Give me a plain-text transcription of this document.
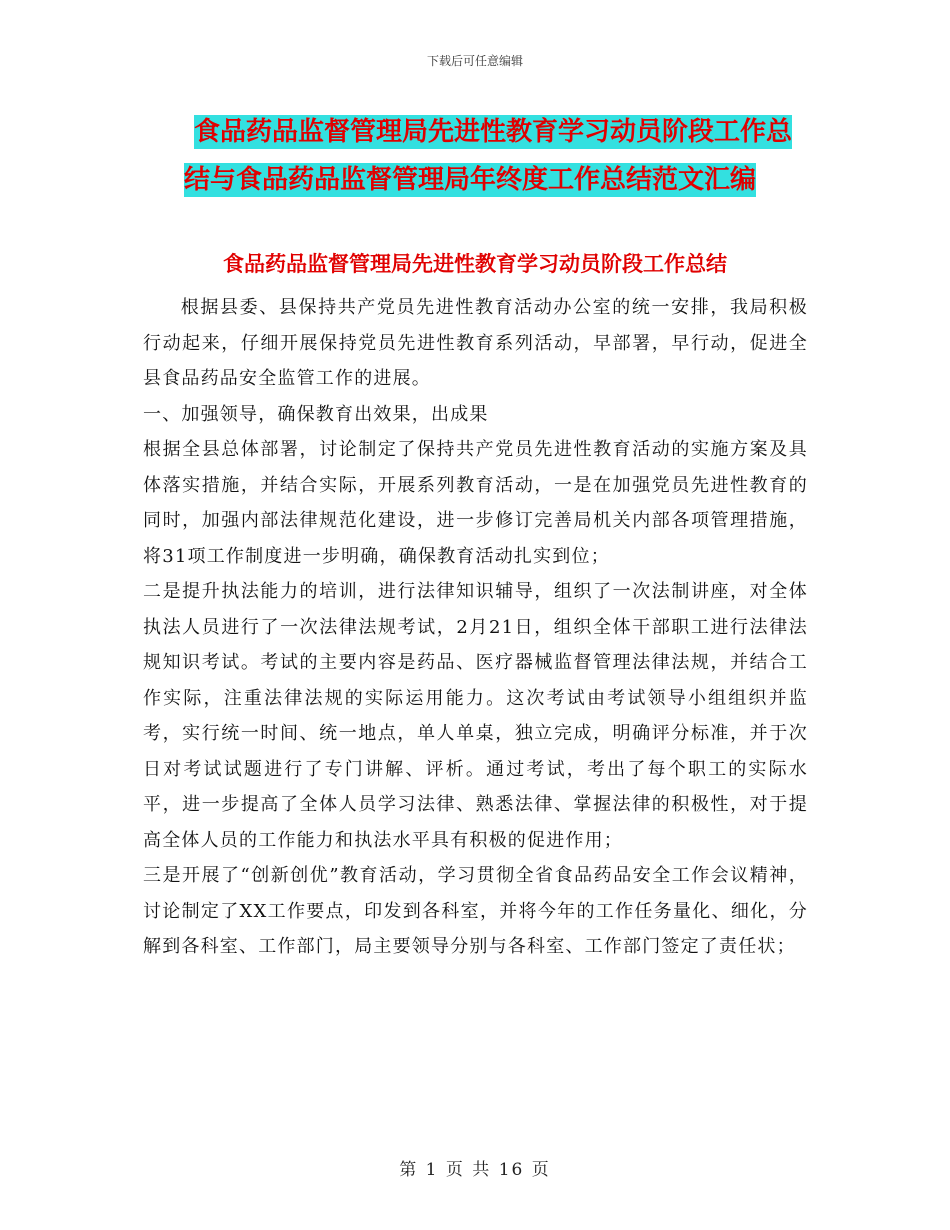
下载后可任意编辑
食品药品监督管理局先进性教育学习动员阶段工作总
结与食品药品监督管理局年终度工作总结范文汇编
食品药品监督管理局先进性教育学习动员阶段工作总结

根据县委、县保持共产党员先进性教育活动办公室的统一安排，我局积极行动起来，仔细开展保持党员先进性教育系列活动，早部署，早行动，促进全县食品药品安全监管工作的进展。

一、加强领导，确保教育出效果，出成果

根据全县总体部署，讨论制定了保持共产党员先进性教育活动的实施方案及具体落实措施，并结合实际，开展系列教育活动，一是在加强党员先进性教育的同时，加强内部法律规范化建设，进一步修订完善局机关内部各项管理措施，将31项工作制度进一步明确，确保教育活动扎实到位；

二是提升执法能力的培训，进行法律知识辅导，组织了一次法制讲座，对全体执法人员进行了一次法律法规考试，2月21日，组织全体干部职工进行法律法规知识考试。考试的主要内容是药品、医疗器械监督管理法律法规，并结合工作实际，注重法律法规的实际运用能力。这次考试由考试领导小组组织并监考，实行统一时间、统一地点，单人单桌，独立完成，明确评分标准，并于次日对考试试题进行了专门讲解、评析。通过考试，考出了每个职工的实际水平，进一步提高了全体人员学习法律、熟悉法律、掌握法律的积极性，对于提高全体人员的工作能力和执法水平具有积极的促进作用；

三是开展了“创新创优”教育活动，学习贯彻全省食品药品安全工作会议精神，讨论制定了XX工作要点，印发到各科室，并将今年的工作任务量化、细化，分解到各科室、工作部门，局主要领导分别与各科室、工作部门签定了责任状；

第 1 页 共 16 页
